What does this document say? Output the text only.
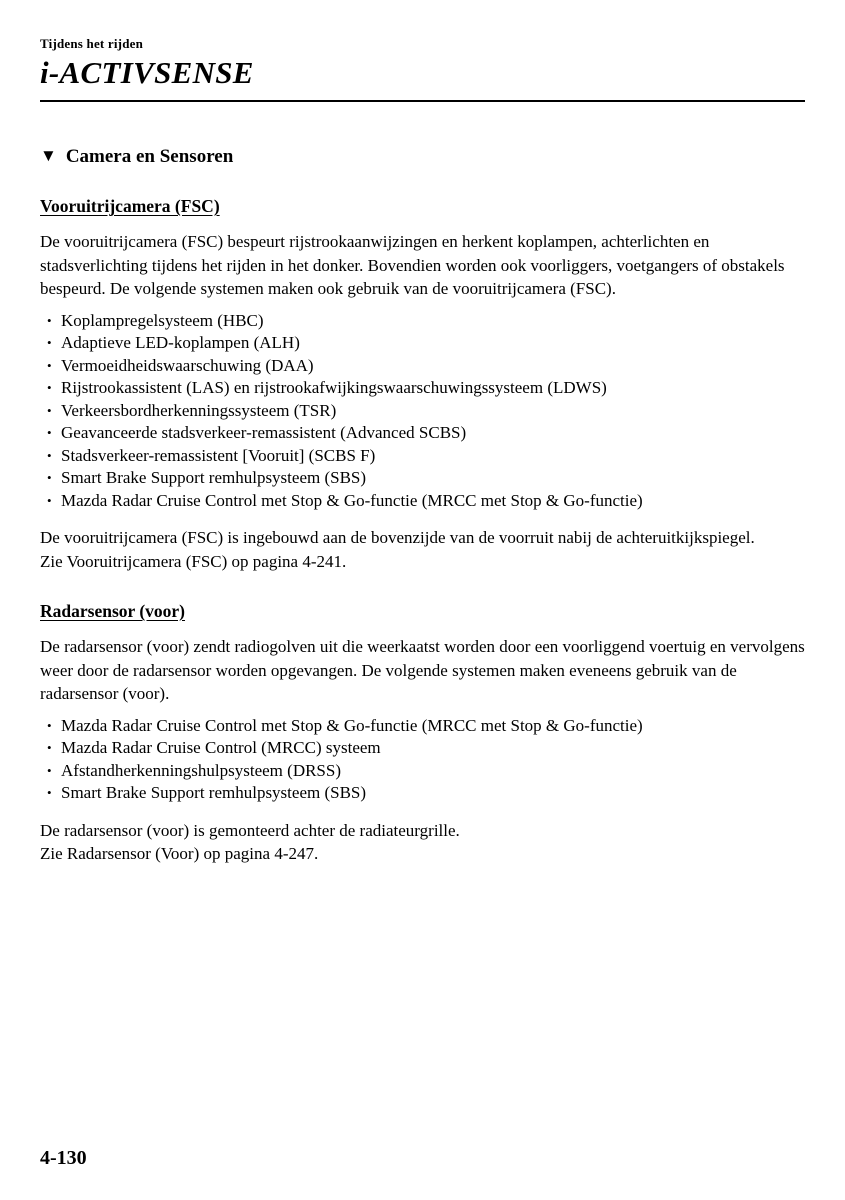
Tijdens het rijden
i-ACTIVSENSE
▼ Camera en Sensoren
Vooruitrijcamera (FSC)

De vooruitrijcamera (FSC) bespeurt rijstrookaanwijzingen en herkent koplampen, achterlichten en stadsverlichting tijdens het rijden in het donker. Bovendien worden ook voorliggers, voetgangers of obstakels bespeurd. De volgende systemen maken ook gebruik van de vooruitrijcamera (FSC).

• Koplampregelsysteem (HBC)
• Adaptieve LED-koplampen (ALH)
• Vermoeidheidswaarschuwing (DAA)
• Rijstrookassistent (LAS) en rijstrookafwijkingswaarschuwingssysteem (LDWS)
• Verkeersbordherkenningssysteem (TSR)
• Geavanceerde stadsverkeer-remassistent (Advanced SCBS)
• Stadsverkeer-remassistent [Vooruit] (SCBS F)
• Smart Brake Support remhulpsysteem (SBS)
• Mazda Radar Cruise Control met Stop & Go-functie (MRCC met Stop & Go-functie)
De vooruitrijcamera (FSC) is ingebouwd aan de bovenzijde van de voorruit nabij de achteruitkijkspiegel.
Zie Vooruitrijcamera (FSC) op pagina 4-241.
Radarsensor (voor)

De radarsensor (voor) zendt radiogolven uit die weerkaatst worden door een voorliggend voertuig en vervolgens weer door de radarsensor worden opgevangen. De volgende systemen maken eveneens gebruik van de radarsensor (voor).

• Mazda Radar Cruise Control met Stop & Go-functie (MRCC met Stop & Go-functie)
• Mazda Radar Cruise Control (MRCC) systeem
• Afstandherkenningshulpsysteem (DRSS)
• Smart Brake Support remhulpsysteem (SBS)
De radarsensor (voor) is gemonteerd achter de radiateurgrille.
Zie Radarsensor (Voor) op pagina 4-247.
4-130
